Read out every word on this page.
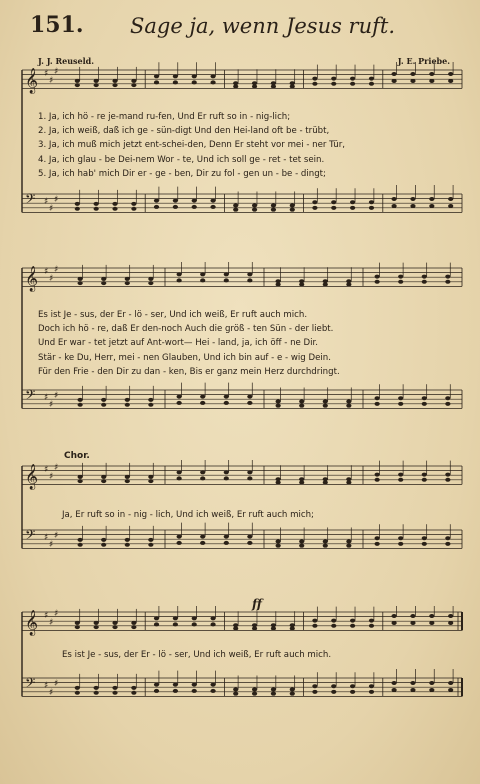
151. Sage ja, wenn Jesus ruft.
J. J. Reuseld.	J. E. Priebe.
𝄞
𝄢
♯
♯
♯
♯
♯
♯
1. Ja, ich hö - re je-mand ru-fen, Und Er ruft so in - nig-lich;
2. Ja, ich weiß, daß ich ge - sün-digt Und den Hei-land oft be - trübt,
3. Ja, ich muß mich jetzt ent-schei-den, Denn Er steht vor mei - ner Tür,
4. Ja, ich glau - be Dei-nem Wor - te, Und ich soll ge - ret - tet sein.
5. Ja, ich hab' mich Dir er - ge - ben, Dir zu fol - gen un - be - dingt;
𝄞
𝄢
♯
♯
♯
♯
♯
♯
Es ist Je - sus, der Er - lö - ser, Und ich weiß, Er ruft auch mich.
Doch ich hö - re, daß Er den-noch Auch die größ - ten Sün - der liebt.
Und Er war - tet jetzt auf Ant-wort— Hei - land, ja, ich öff - ne Dir.
Stär - ke Du, Herr, mei - nen Glauben, Und ich bin auf - e - wig Dein.
Für den Frie - den Dir zu dan - ken, Bis er ganz mein Herz durchdringt.
Chor.
𝄞
𝄢
♯
♯
♯
♯
♯
♯
Ja, Er ruft so in - nig - lich, Und ich weiß, Er ruft auch mich;
ff
𝄞
𝄢
♯
♯
♯
♯
♯
♯
Es ist Je - sus, der Er - lö - ser, Und ich weiß, Er ruft auch mich.
